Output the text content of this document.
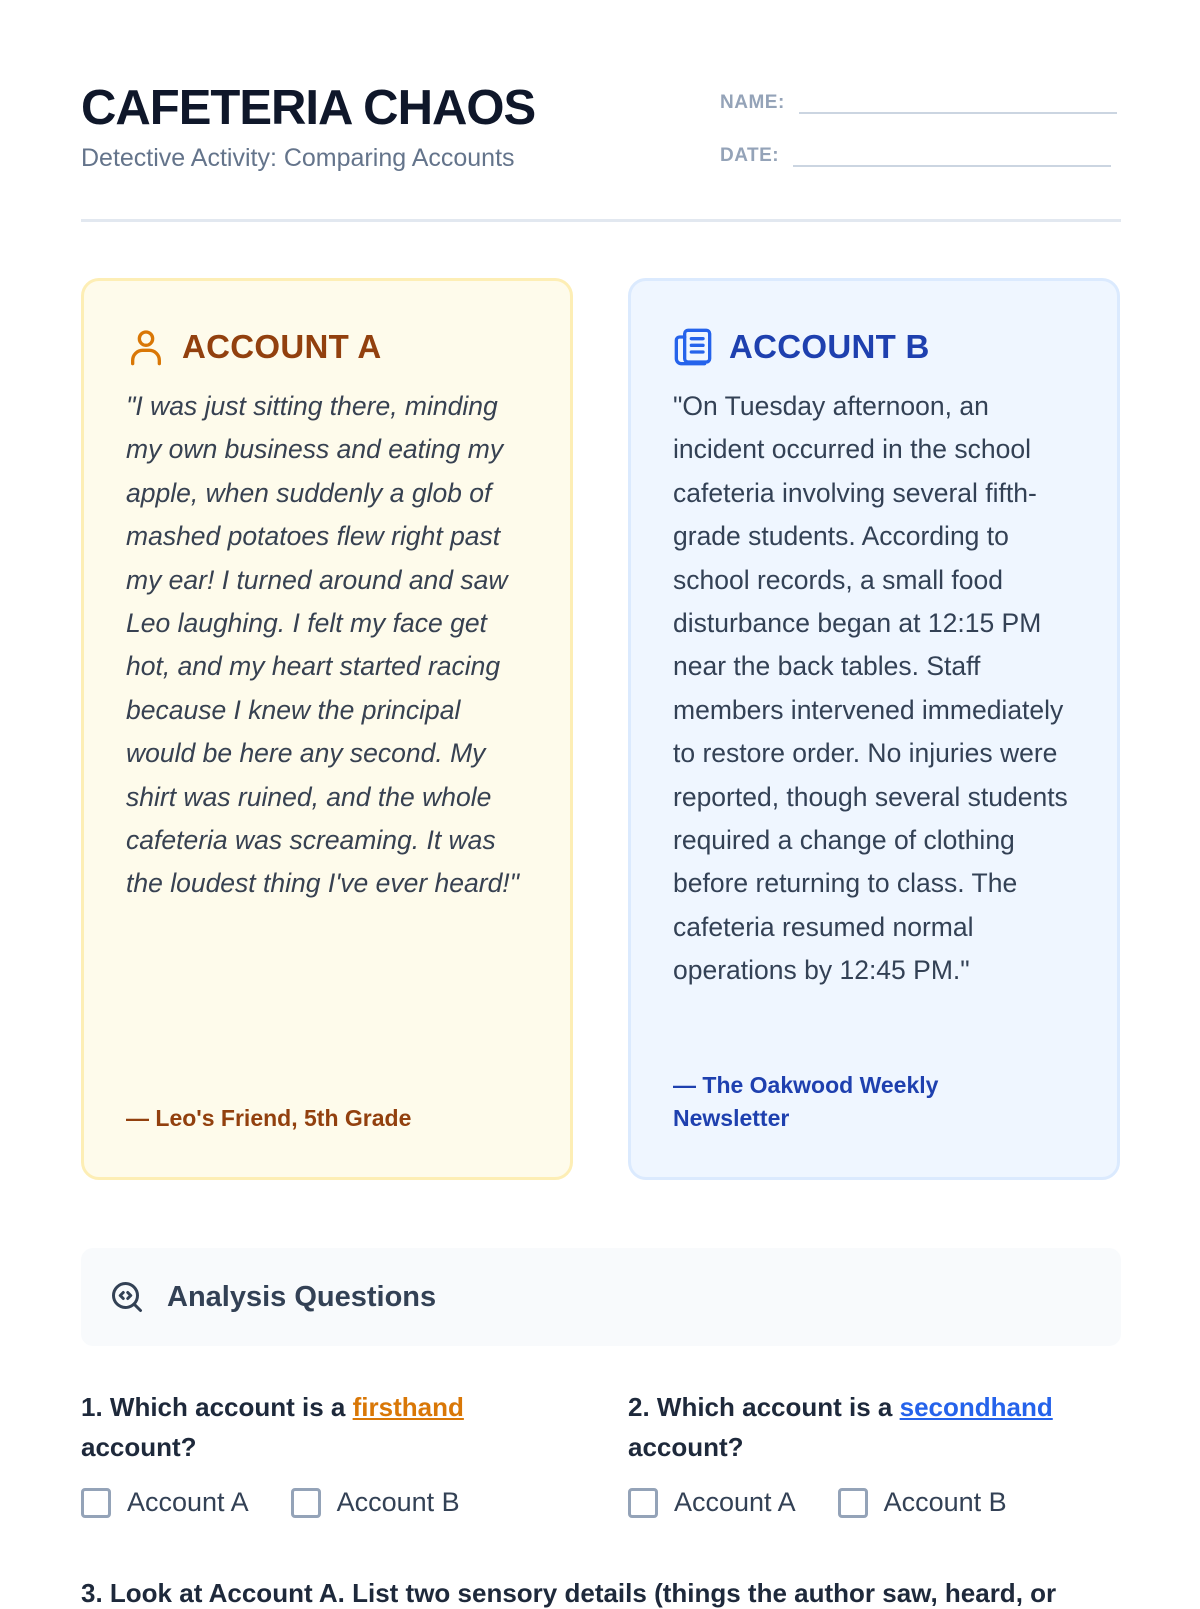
CAFETERIA CHAOS
Detective Activity: Comparing Accounts
NAME:
DATE:
ACCOUNT A

"I was just sitting there, minding my own business and eating my apple, when suddenly a glob of mashed potatoes flew right past my ear! I turned around and saw Leo laughing. I felt my face get hot, and my heart started racing because I knew the principal would be here any second. My shirt was ruined, and the whole cafeteria was screaming. It was the loudest thing I've ever heard!"

— Leo's Friend, 5th Grade
ACCOUNT B

"On Tuesday afternoon, an incident occurred in the school cafeteria involving several fifth-grade students. According to school records, a small food disturbance began at 12:15 PM near the back tables. Staff members intervened immediately to restore order. No injuries were reported, though several students required a change of clothing before returning to class. The cafeteria resumed normal operations by 12:45 PM."

— The Oakwood Weekly Newsletter
Analysis Questions
1. Which account is a firsthand account?
Account A	Account B
2. Which account is a secondhand account?
Account A	Account B
3. Look at Account A. List two sensory details (things the author saw, heard, or
